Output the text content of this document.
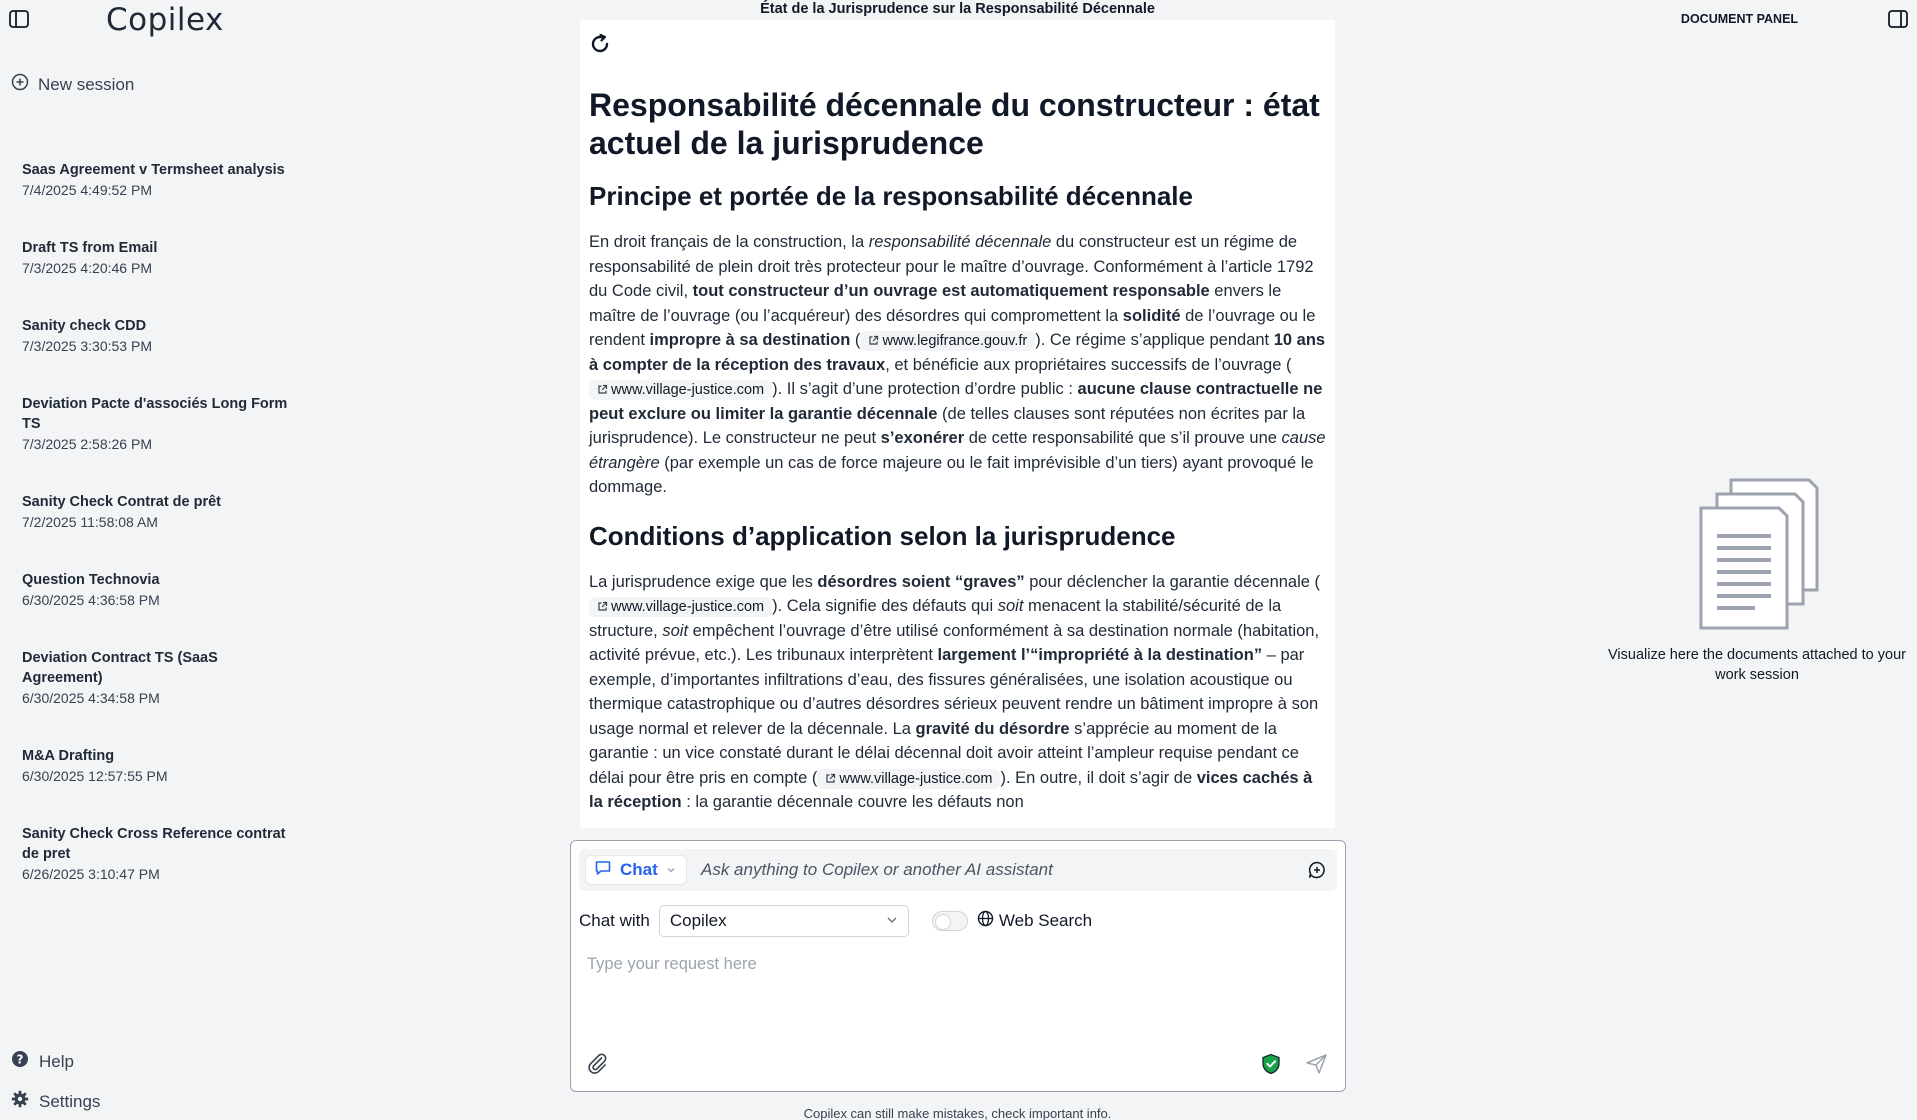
Copilex
New session
Saas Agreement v Termsheet analysis
7/4/2025 4:49:52 PM
Draft TS from Email
7/3/2025 4:20:46 PM
Sanity check CDD
7/3/2025 3:30:53 PM
Deviation Pacte d'associés Long Form TS
7/3/2025 2:58:26 PM
Sanity Check Contrat de prêt
7/2/2025 11:58:08 AM
Question Technovia
6/30/2025 4:36:58 PM
Deviation Contract TS (SaaS Agreement)
6/30/2025 4:34:58 PM
M&A Drafting
6/30/2025 12:57:55 PM
Sanity Check Cross Reference contrat de pret
6/26/2025 3:10:47 PM
? Help
Settings
État de la Jurisprudence sur la Responsabilité Décennale
Responsabilité décennale du constructeur : état actuel de la jurisprudence
Principe et portée de la responsabilité décennale

En droit français de la construction, la responsabilité décennale du constructeur est un régime de responsabilité de plein droit très protecteur pour le maître d’ouvrage. Conformément à l’article 1792 du Code civil, tout constructeur d’un ouvrage est automatiquement responsable envers le maître de l’ouvrage (ou l’acquéreur) des désordres qui compromettent la solidité de l’ouvrage ou le rendent impropre à sa destination ( www.legifrance.gouv.fr ). Ce régime s’applique pendant 10 ans à compter de la réception des travaux, et bénéficie aux propriétaires successifs de l’ouvrage (www.village-justice.com ). Il s’agit d’une protection d’ordre public : aucune clause contractuelle ne peut exclure ou limiter la garantie décennale (de telles clauses sont réputées non écrites par la jurisprudence). Le constructeur ne peut s’exonérer de cette responsabilité que s’il prouve une cause étrangère (par exemple un cas de force majeure ou le fait imprévisible d’un tiers) ayant provoqué le dommage.

Conditions d’application selon la jurisprudence

La jurisprudence exige que les désordres soient “graves” pour déclencher la garantie décennale (www.village-justice.com ). Cela signifie des défauts qui soit menacent la stabilité/sécurité de la structure, soit empêchent l’ouvrage d’être utilisé conformément à sa destination normale (habitation, activité prévue, etc.). Les tribunaux interprètent largement l’“impropriété à la destination” – par exemple, d’importantes infiltrations d’eau, des fissures généralisées, une isolation acoustique ou thermique catastrophique ou d’autres désordres sérieux peuvent rendre un bâtiment impropre à son usage normal et relever de la décennale. La gravité du désordre s’apprécie au moment de la garantie : un vice constaté durant le délai décennal doit avoir atteint l’ampleur requise pendant ce délai pour être pris en compte ( www.village-justice.com ). En outre, il doit s’agir de vices cachés à la réception : la garantie décennale couvre les défauts non

Chat	Ask anything to Copilex or another AI assistant
Chat with Copilex	Web Search
Type your request here
Copilex can still make mistakes, check important info.
DOCUMENT PANEL
Visualize here the documents attached to your work session
